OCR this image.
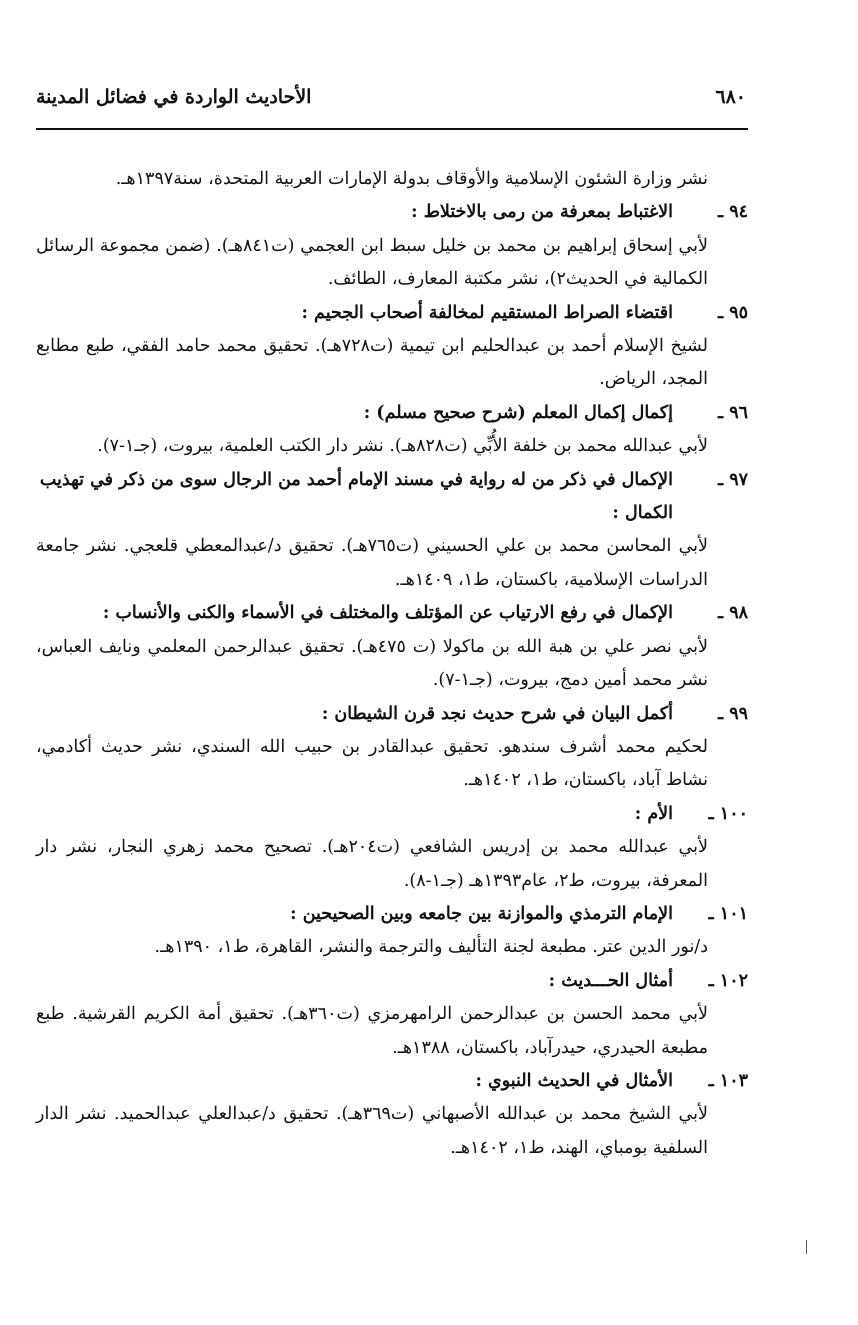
٦٨٠
الأحاديث الواردة في فضائل المدينة

نشر وزارة الشئون الإسلامية والأوقاف بدولة الإمارات العربية المتحدة، سنة١٣٩٧هـ.

٩٤ ـ
الاغتباط بمعرفة من رمى بالاختلاط :

لأبي إسحاق إبراهيم بن محمد بن خليل سبط ابن العجمي (ت٨٤١هـ). (ضمن مجموعة الرسائل الكمالية في الحديث٢)، نشر مكتبة المعارف، الطائف.

٩٥ ـ
اقتضاء الصراط المستقيم لمخالفة أصحاب الجحيم :

لشيخ الإسلام أحمد بن عبدالحليم ابن تيمية (ت٧٢٨هـ). تحقيق محمد حامد الفقي، طبع مطابع المجد، الرياض.

٩٦ ـ
إكمال إكمال المعلم (شرح صحيح مسلم) :

لأبي عبدالله محمد بن خلفة الأُبِّي (ت٨٢٨هـ). نشر دار الكتب العلمية، بيروت، (جـ١-٧).

٩٧ ـ
الإكمال في ذكر من له رواية في مسند الإمام أحمد من الرجال سوى من ذكر في تهذيب الكمال :

لأبي المحاسن محمد بن علي الحسيني (ت٧٦٥هـ). تحقيق د/عبدالمعطي قلعجي. نشر جامعة الدراسات الإسلامية، باكستان، ط١، ١٤٠٩هـ.

٩٨ ـ
الإكمال في رفع الارتياب عن المؤتلف والمختلف في الأسماء والكنى والأنساب :

لأبي نصر علي بن هبة الله بن ماكولا (ت ٤٧٥هـ). تحقيق عبدالرحمن المعلمي ونايف العباس، نشر محمد أمين دمج، بيروت، (جـ١-٧).

٩٩ ـ
أكمل البيان في شرح حديث نجد قرن الشيطان :

لحكيم محمد أشرف سندهو. تحقيق عبدالقادر بن حبيب الله السندي، نشر حديث أكادمي، نشاط آباد، باكستان، ط١، ١٤٠٢هـ.

١٠٠ ـ
الأم :

لأبي عبدالله محمد بن إدريس الشافعي (ت٢٠٤هـ). تصحيح محمد زهري النجار، نشر دار المعرفة، بيروت، ط٢، عام١٣٩٣هـ (جـ١-٨).

١٠١ ـ
الإمام الترمذي والموازنة بين جامعه وبين الصحيحين :

د/نور الدين عتر. مطبعة لجنة التأليف والترجمة والنشر، القاهرة، ط١، ١٣٩٠هـ.

١٠٢ ـ
أمثال الحـــديث :

لأبي محمد الحسن بن عبدالرحمن الرامهرمزي (ت٣٦٠هـ). تحقيق أمة الكريم القرشية. طبع مطبعة الحيدري، حيدرآباد، باكستان، ١٣٨٨هـ.

١٠٣ ـ
الأمثال في الحديث النبوي :

لأبي الشيخ محمد بن عبدالله الأصبهاني (ت٣٦٩هـ). تحقيق د/عبدالعلي عبدالحميد. نشر الدار السلفية بومباي، الهند، ط١، ١٤٠٢هـ.
